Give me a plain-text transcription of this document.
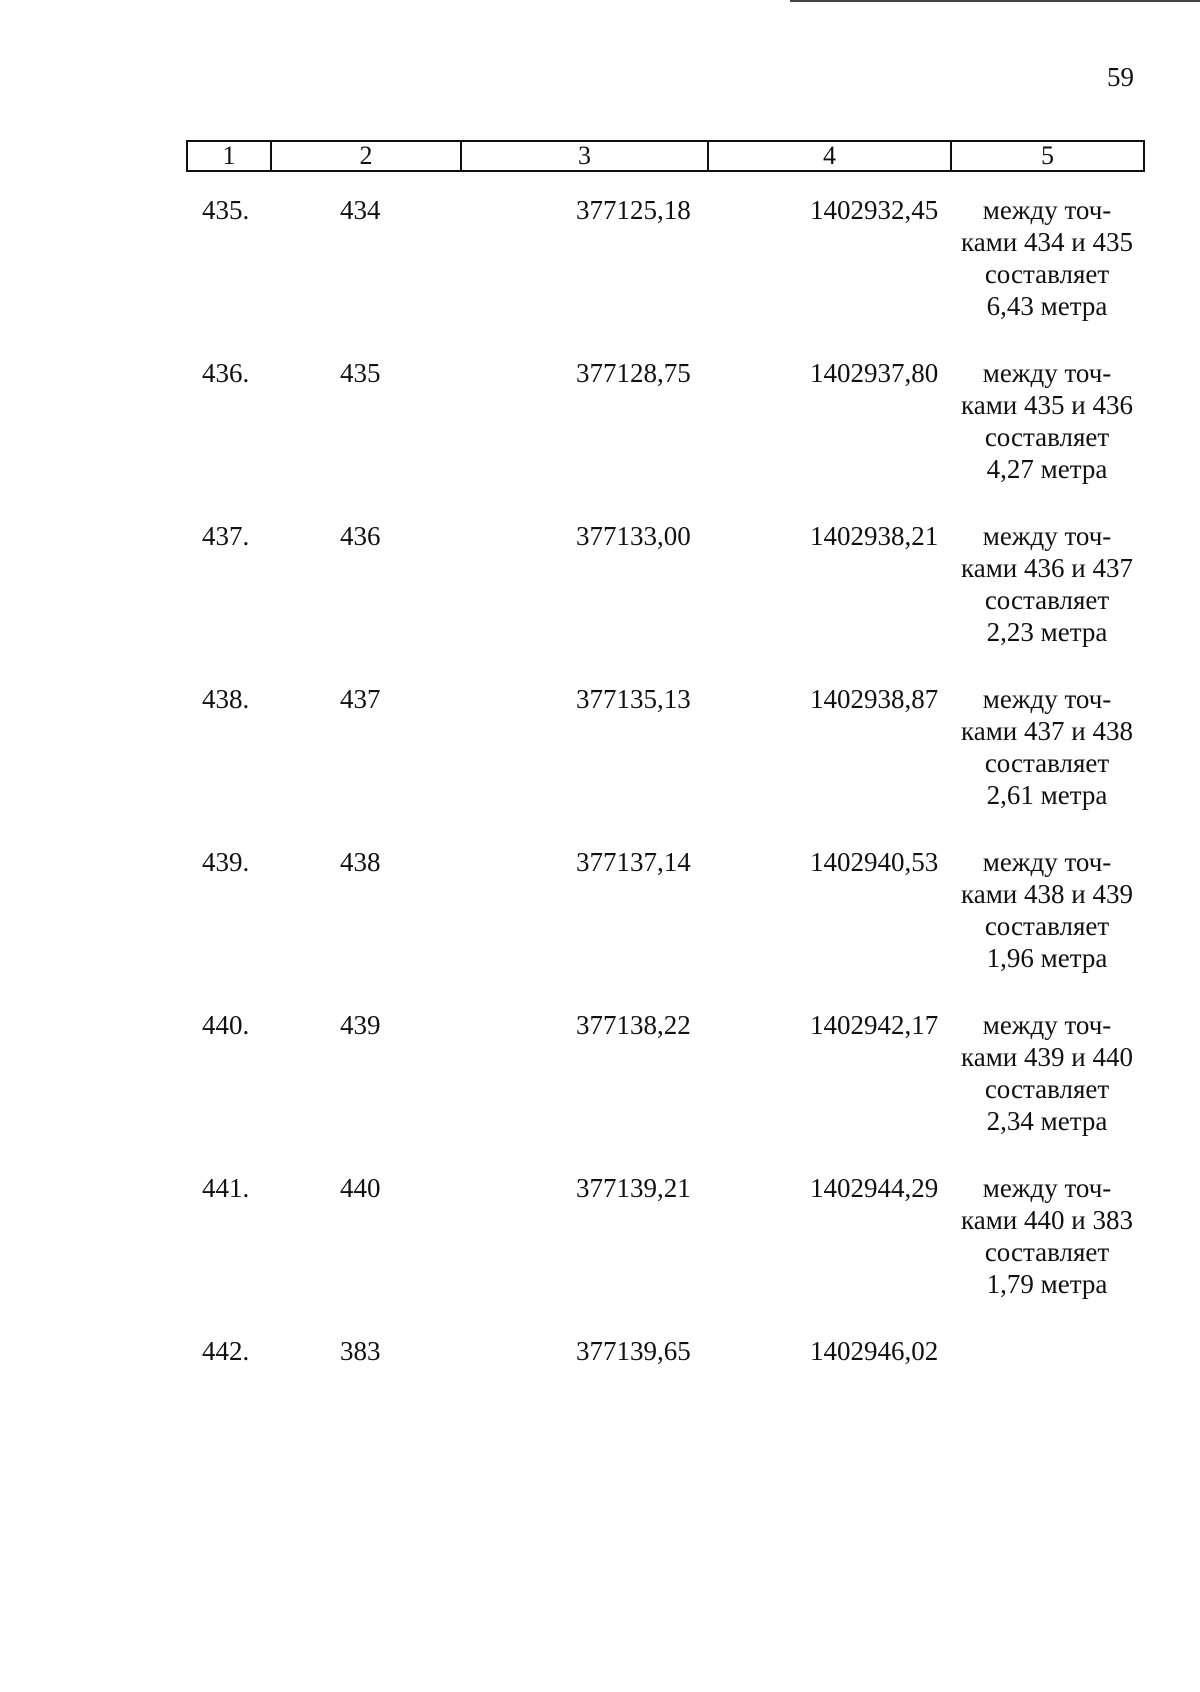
59
1	2	3	4	5
435.	434	377125,18	1402932,45	между точ-
ками 434 и 435
составляет
6,43 метра
436.	435	377128,75	1402937,80	между точ-
ками 435 и 436
составляет
4,27 метра
437.	436	377133,00	1402938,21	между точ-
ками 436 и 437
составляет
2,23 метра
438.	437	377135,13	1402938,87	между точ-
ками 437 и 438
составляет
2,61 метра
439.	438	377137,14	1402940,53	между точ-
ками 438 и 439
составляет
1,96 метра
440.	439	377138,22	1402942,17	между точ-
ками 439 и 440
составляет
2,34 метра
441.	440	377139,21	1402944,29	между точ-
ками 440 и 383
составляет
1,79 метра
442.	383	377139,65	1402946,02
